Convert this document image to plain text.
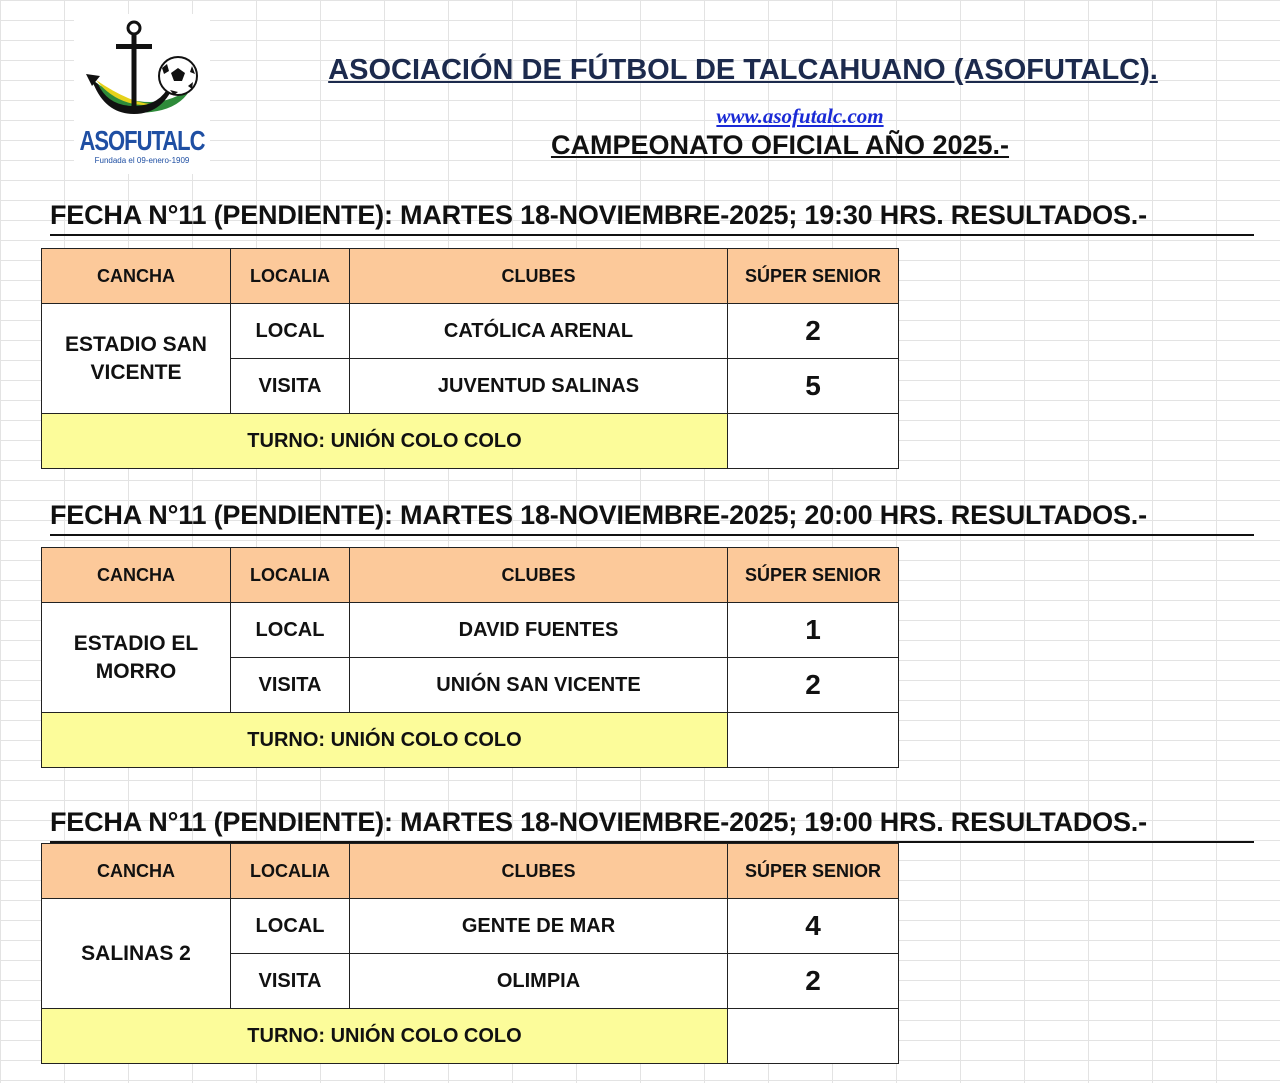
ASOFUTALC
Fundada el 09-enero-1909
ASOCIACIÓN DE FÚTBOL DE TALCAHUANO (ASOFUTALC).
www.asofutalc.com
CAMPEONATO OFICIAL AÑO 2025.-
FECHA N°11 (PENDIENTE): MARTES 18-NOVIEMBRE-2025; 19:30 HRS. RESULTADOS.-
CANCHA	LOCALIA	CLUBES	SÚPER SENIOR

ESTADIO SAN
VICENTE	LOCAL	CATÓLICA ARENAL	2
	VISITA	JUVENTUD SALINAS	5
TURNO: UNIÓN COLO COLO			
FECHA N°11 (PENDIENTE): MARTES 18-NOVIEMBRE-2025; 20:00 HRS. RESULTADOS.-
CANCHA	LOCALIA	CLUBES	SÚPER SENIOR

ESTADIO EL
MORRO	LOCAL	DAVID FUENTES	1
	VISITA	UNIÓN SAN VICENTE	2
TURNO: UNIÓN COLO COLO			
FECHA N°11 (PENDIENTE): MARTES 18-NOVIEMBRE-2025; 19:00 HRS. RESULTADOS.-
CANCHA	LOCALIA	CLUBES	SÚPER SENIOR

SALINAS 2	LOCAL	GENTE DE MAR	4
	VISITA	OLIMPIA	2
TURNO: UNIÓN COLO COLO			
